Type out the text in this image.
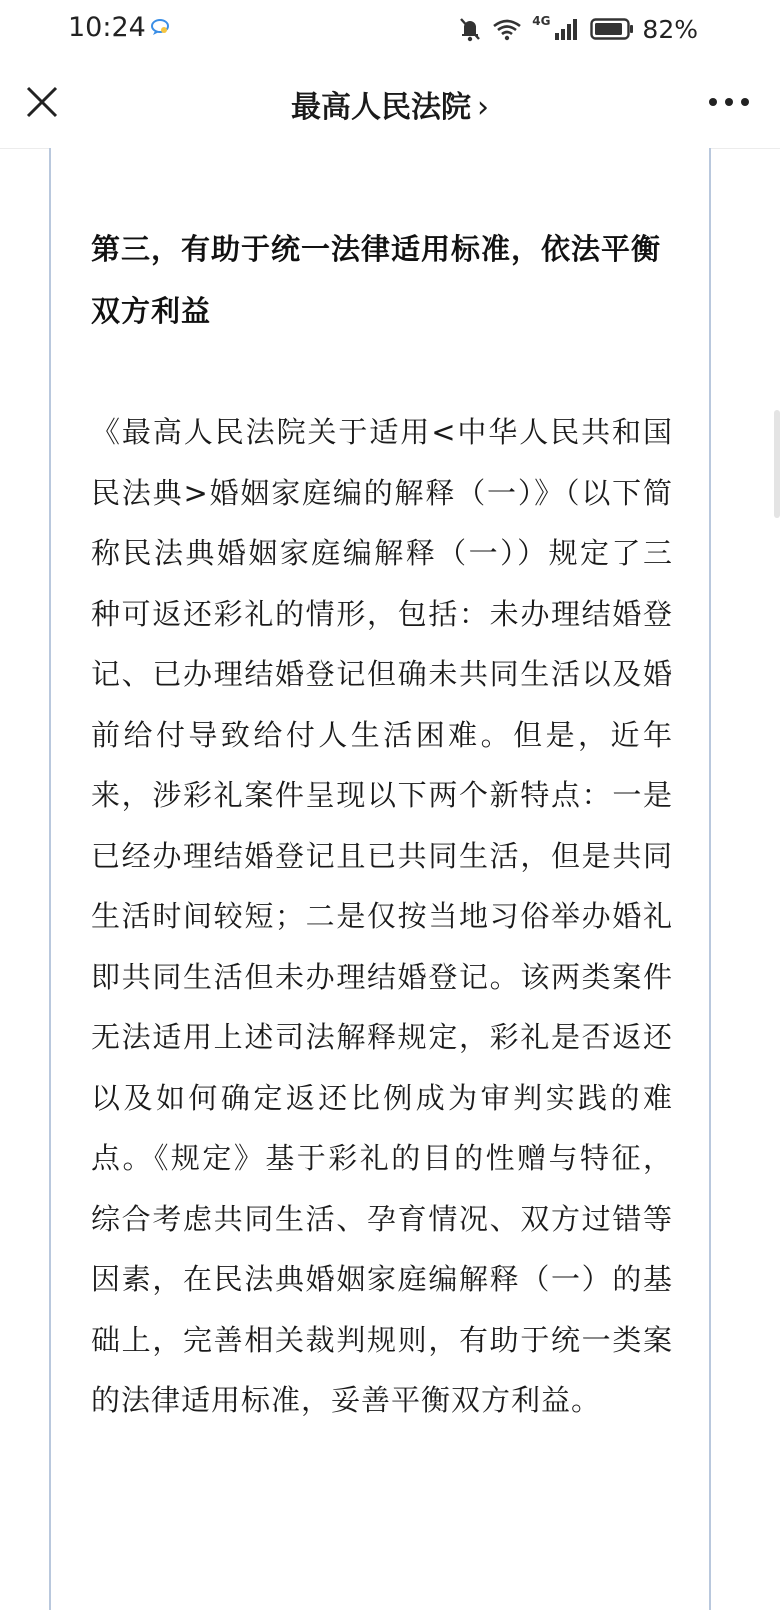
10:24	4G	82%
最高人民法院 ›
第三，有助于统一法律适用标准，依法平衡双方利益
《最高人民法院关于适用<中华人民共和国民法典>婚姻家庭编的解释（一）》（以下简称民法典婚姻家庭编解释（一））规定了三种可返还彩礼的情形，包括：未办理结婚登记、已办理结婚登记但确未共同生活以及婚前给付导致给付人生活困难。但是，近年来，涉彩礼案件呈现以下两个新特点：一是已经办理结婚登记且已共同生活，但是共同生活时间较短；二是仅按当地习俗举办婚礼即共同生活但未办理结婚登记。该两类案件无法适用上述司法解释规定，彩礼是否返还以及如何确定返还比例成为审判实践的难点。《规定》基于彩礼的目的性赠与特征，综合考虑共同生活、孕育情况、双方过错等因素，在民法典婚姻家庭编解释（一）的基础上，完善相关裁判规则，有助于统一类案的法律适用标准，妥善平衡双方利益。
